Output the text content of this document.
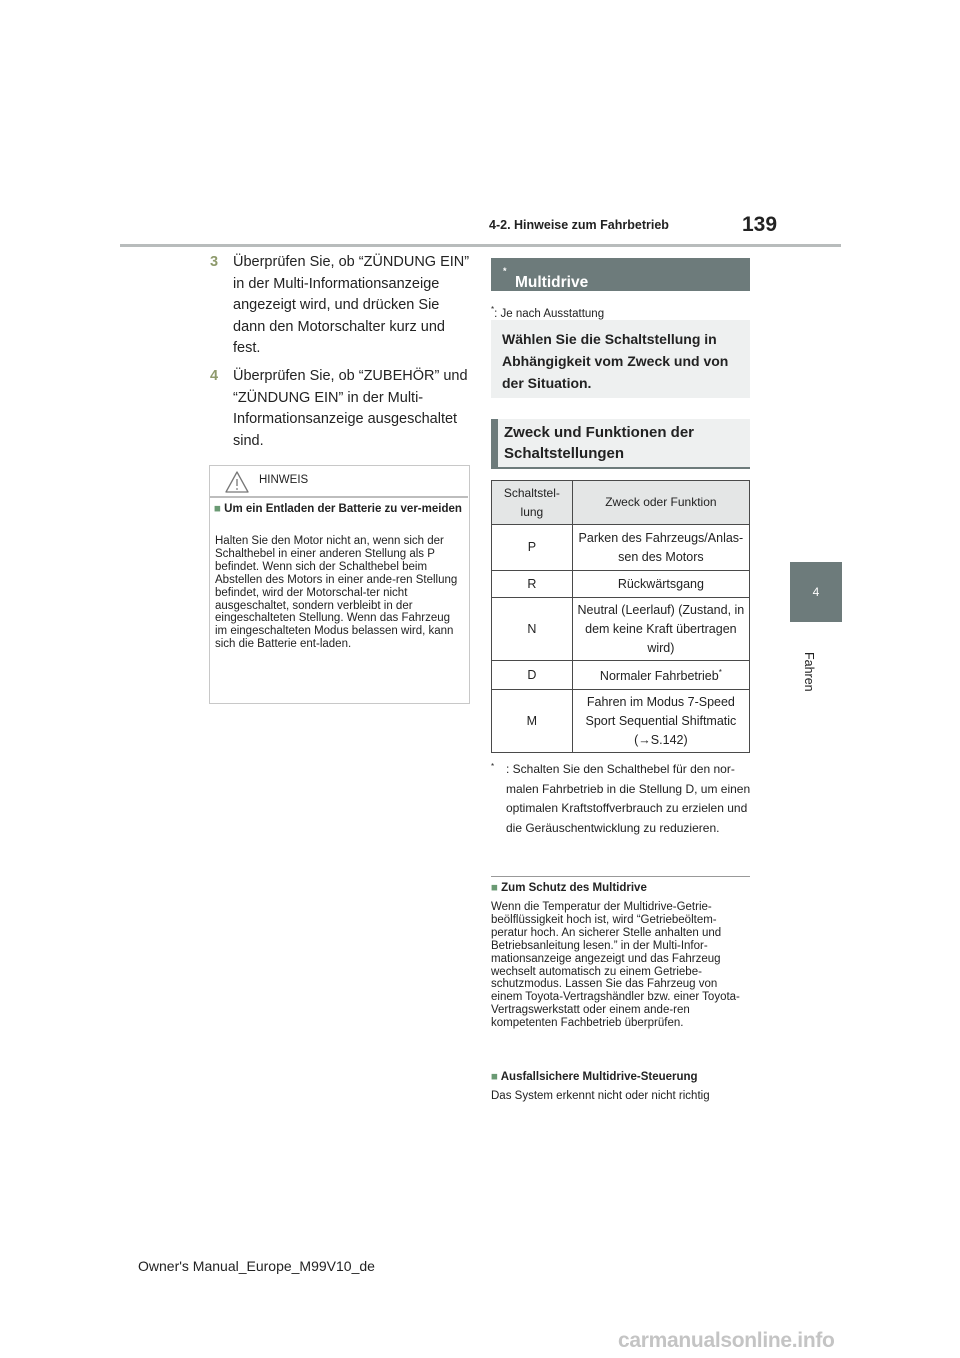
4-2. Hinweise zum Fahrbetrieb	139
4
Fahren
3 Überprüfen Sie, ob “ZÜNDUNG EIN” in der Multi-Informationsanzeige angezeigt wird, und drücken Sie dann den Motorschalter kurz und fest.
4 Überprüfen Sie, ob “ZUBEHÖR” und “ZÜNDUNG EIN” in der Multi-Informationsanzeige ausgeschaltet sind.
HINWEIS
■ Um ein Entladen der Batterie zu ver-meiden
Halten Sie den Motor nicht an, wenn sich der Schalthebel in einer anderen Stellung als P befindet. Wenn sich der Schalthebel beim Abstellen des Motors in einer ande-ren Stellung befindet, wird der Motorschal-ter nicht ausgeschaltet, sondern verbleibt in der eingeschalteten Stellung. Wenn das Fahrzeug im eingeschalteten Modus belassen wird, kann sich die Batterie ent-laden.
Multidrive
*
*: Je nach Ausstattung
Wählen Sie die Schaltstellung in Abhängigkeit vom Zweck und von der Situation.
Zweck und Funktionen der Schaltstellungen
Schaltstel-lung	Zweck oder Funktion
P	Parken des Fahrzeugs/Anlas-sen des Motors
R	Rückwärtsgang
N	Neutral (Leerlauf) (Zustand, in dem keine Kraft übertragen wird)
D	Normaler Fahrbetrieb*
M	Fahren im Modus 7-Speed Sport Sequential Shiftmatic (→S.142)
* : Schalten Sie den Schalthebel für den nor-malen Fahrbetrieb in die Stellung D, um einen optimalen Kraftstoffverbrauch zu erzielen und die Geräuschentwicklung zu reduzieren.
■ Zum Schutz des Multidrive
Wenn die Temperatur der Multidrive-Getrie-beölflüssigkeit hoch ist, wird “Getriebeöltem-peratur hoch. An sicherer Stelle anhalten und Betriebsanleitung lesen.” in der Multi-Infor-mationsanzeige angezeigt und das Fahrzeug wechselt automatisch zu einem Getriebe-schutzmodus. Lassen Sie das Fahrzeug von einem Toyota-Vertragshändler bzw. einer Toyota-Vertragswerkstatt oder einem ande-ren kompetenten Fachbetrieb überprüfen.
■ Ausfallsichere Multidrive-Steuerung
Das System erkennt nicht oder nicht richtig
Owner's Manual_Europe_M99V10_de
carmanualsonline.info
